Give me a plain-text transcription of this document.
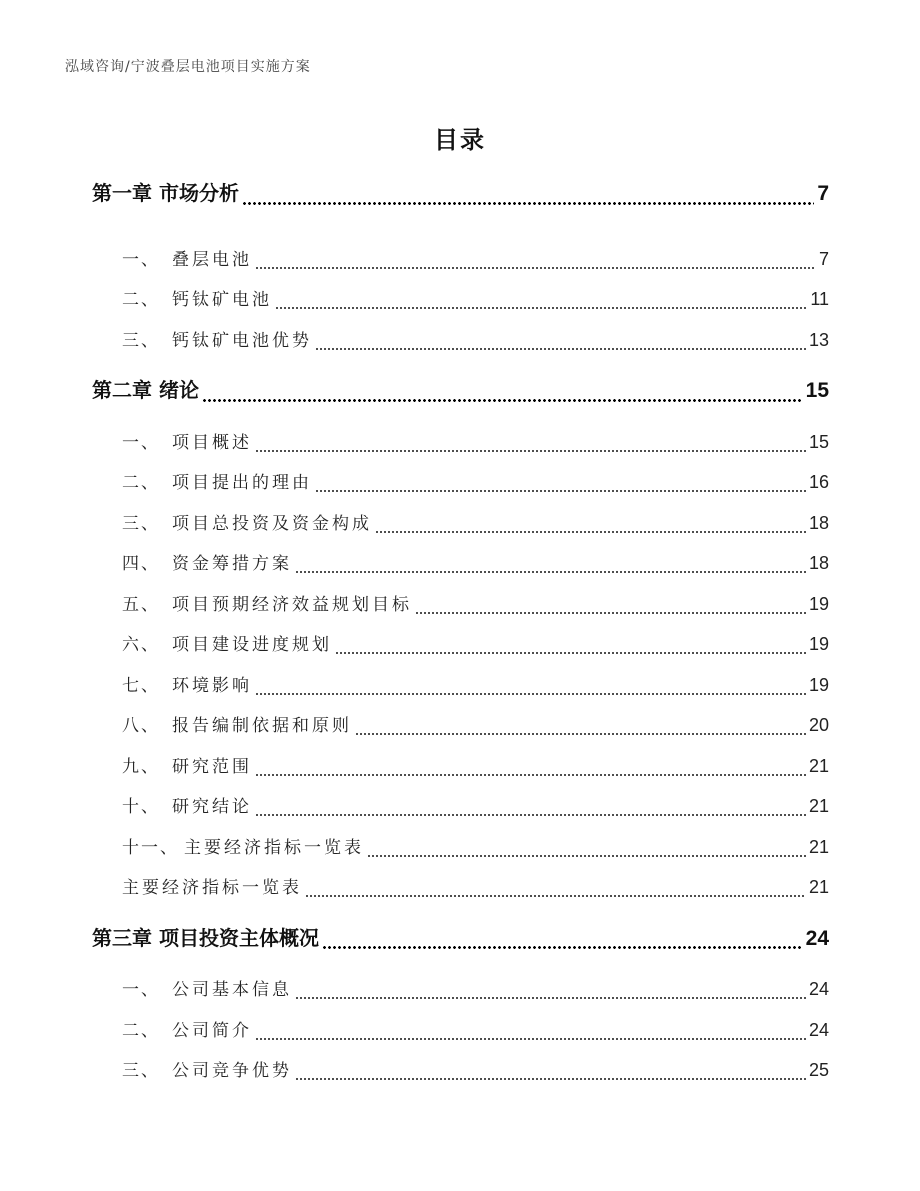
泓域咨询/宁波叠层电池项目实施方案
目录
第一章 市场分析	7
一、 叠层电池	7
二、 钙钛矿电池	11
三、 钙钛矿电池优势	13
第二章 绪论	15
一、 项目概述	15
二、 项目提出的理由	16
三、 项目总投资及资金构成	18
四、 资金筹措方案	18
五、 项目预期经济效益规划目标	19
六、 项目建设进度规划	19
七、 环境影响	19
八、 报告编制依据和原则	20
九、 研究范围	21
十、 研究结论	21
十一、 主要经济指标一览表	21
主要经济指标一览表	21
第三章 项目投资主体概况	24
一、 公司基本信息	24
二、 公司简介	24
三、 公司竞争优势	25
